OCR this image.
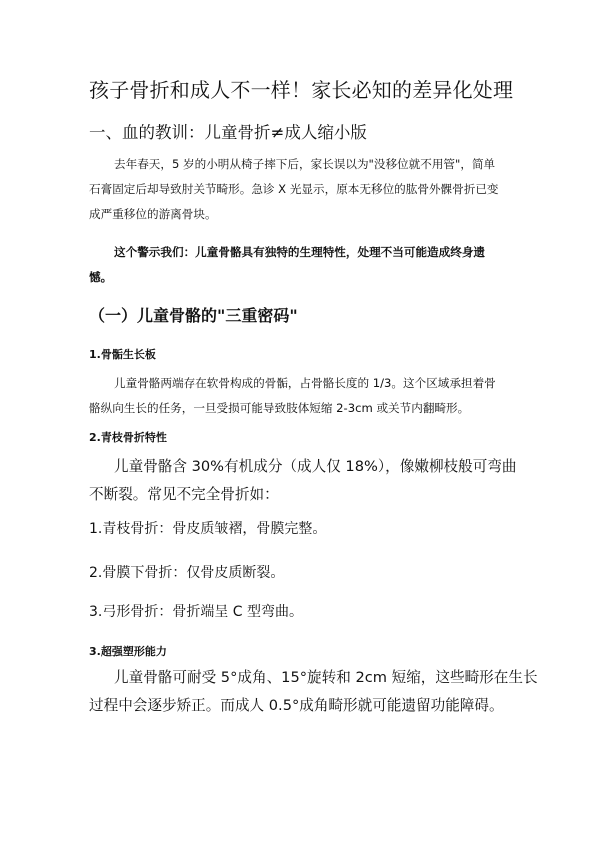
孩子骨折和成人不一样！家长必知的差异化处理
一、血的教训：儿童骨折≠成人缩小版

去年春天，5 岁的小明从椅子摔下后，家长误以为"没移位就不用管"，简单
石膏固定后却导致肘关节畸形。急诊 X 光显示，原本无移位的肱骨外髁骨折已变
成严重移位的游离骨块。

这个警示我们：儿童骨骼具有独特的生理特性，处理不当可能造成终身遗
憾。

（一）儿童骨骼的"三重密码"
1.骨骺生长板

儿童骨骼两端存在软骨构成的骨骺，占骨骼长度的 1/3。这个区域承担着骨
骼纵向生长的任务，一旦受损可能导致肢体短缩 2-3cm 或关节内翻畸形。

2.青枝骨折特性

儿童骨骼含 30%有机成分（成人仅 18%），像嫩柳枝般可弯曲
不断裂。常见不完全骨折如：

1.青枝骨折：骨皮质皱褶，骨膜完整。

2.骨膜下骨折：仅骨皮质断裂。

3.弓形骨折：骨折端呈 C 型弯曲。

3.超强塑形能力

儿童骨骼可耐受 5°成角、15°旋转和 2cm 短缩，这些畸形在生长
过程中会逐步矫正。而成人 0.5°成角畸形就可能遗留功能障碍。
